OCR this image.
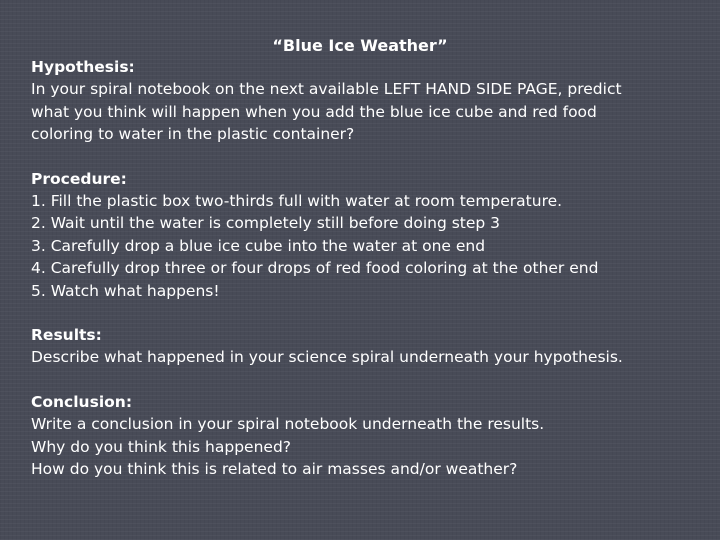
“Blue Ice Weather”
Hypothesis:
In your spiral notebook on the next available LEFT HAND SIDE PAGE, predict
what you think will happen when you add the blue ice cube and red food
coloring to water in the plastic container?
Procedure:
1. Fill the plastic box two-thirds full with water at room temperature.
2. Wait until the water is completely still before doing step 3
3. Carefully drop a blue ice cube into the water at one end
4. Carefully drop three or four drops of red food coloring at the other end
5. Watch what happens!
Results:
Describe what happened in your science spiral underneath your hypothesis.
Conclusion:
Write a conclusion in your spiral notebook underneath the results.
Why do you think this happened?
How do you think this is related to air masses and/or weather?
